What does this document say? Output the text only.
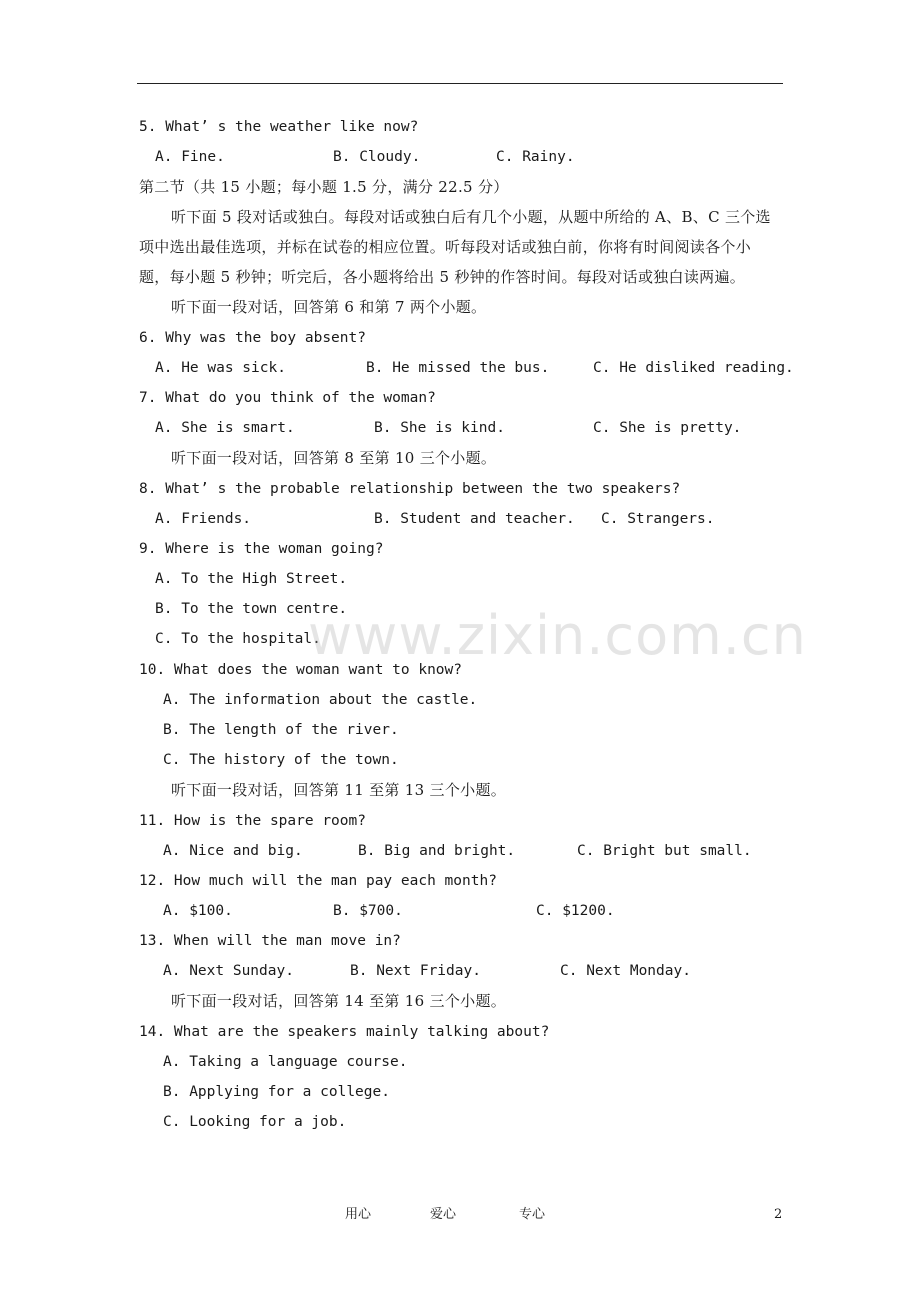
5. What’ s the weather like now?
A. Fine.	B. Cloudy.	C. Rainy.
第二节（共 15 小题；每小题 1.5 分，满分 22.5 分）
听下面 5 段对话或独白。每段对话或独白后有几个小题，从题中所给的 A、B、C 三个选
项中选出最佳选项，并标在试卷的相应位置。听每段对话或独白前，你将有时间阅读各个小
题，每小题 5 秒钟；听完后，各小题将给出 5 秒钟的作答时间。每段对话或独白读两遍。
听下面一段对话，回答第 6 和第 7 两个小题。
6. Why was the boy absent?
A. He was sick.	B. He missed the bus.	C. He disliked reading.
7. What do you think of the woman?
A. She is smart.	B. She is kind.	C. She is pretty.
听下面一段对话，回答第 8 至第 10 三个小题。
8. What’ s the probable relationship between the two speakers?
A. Friends.	B. Student and teacher. C. Strangers.
9. Where is the woman going?
A. To the High Street.
B. To the town centre.
C. To the hospital.
10. What does the woman want to know?
A. The information about the castle.
B. The length of the river.
C. The history of the town.
听下面一段对话，回答第 11 至第 13 三个小题。
11. How is the spare room?
A. Nice and big.	B. Big and bright.	C. Bright but small.
12. How much will the man pay each month?
A. $100.	B. $700.	C. $1200.
13. When will the man move in?
A. Next Sunday.	B. Next Friday.	C. Next Monday.
听下面一段对话，回答第 14 至第 16 三个小题。
14. What are the speakers mainly talking about?
A. Taking a language course.
B. Applying for a college.
C. Looking for a job.
www.zixin.com.cn
用心	爱心	专心	2
